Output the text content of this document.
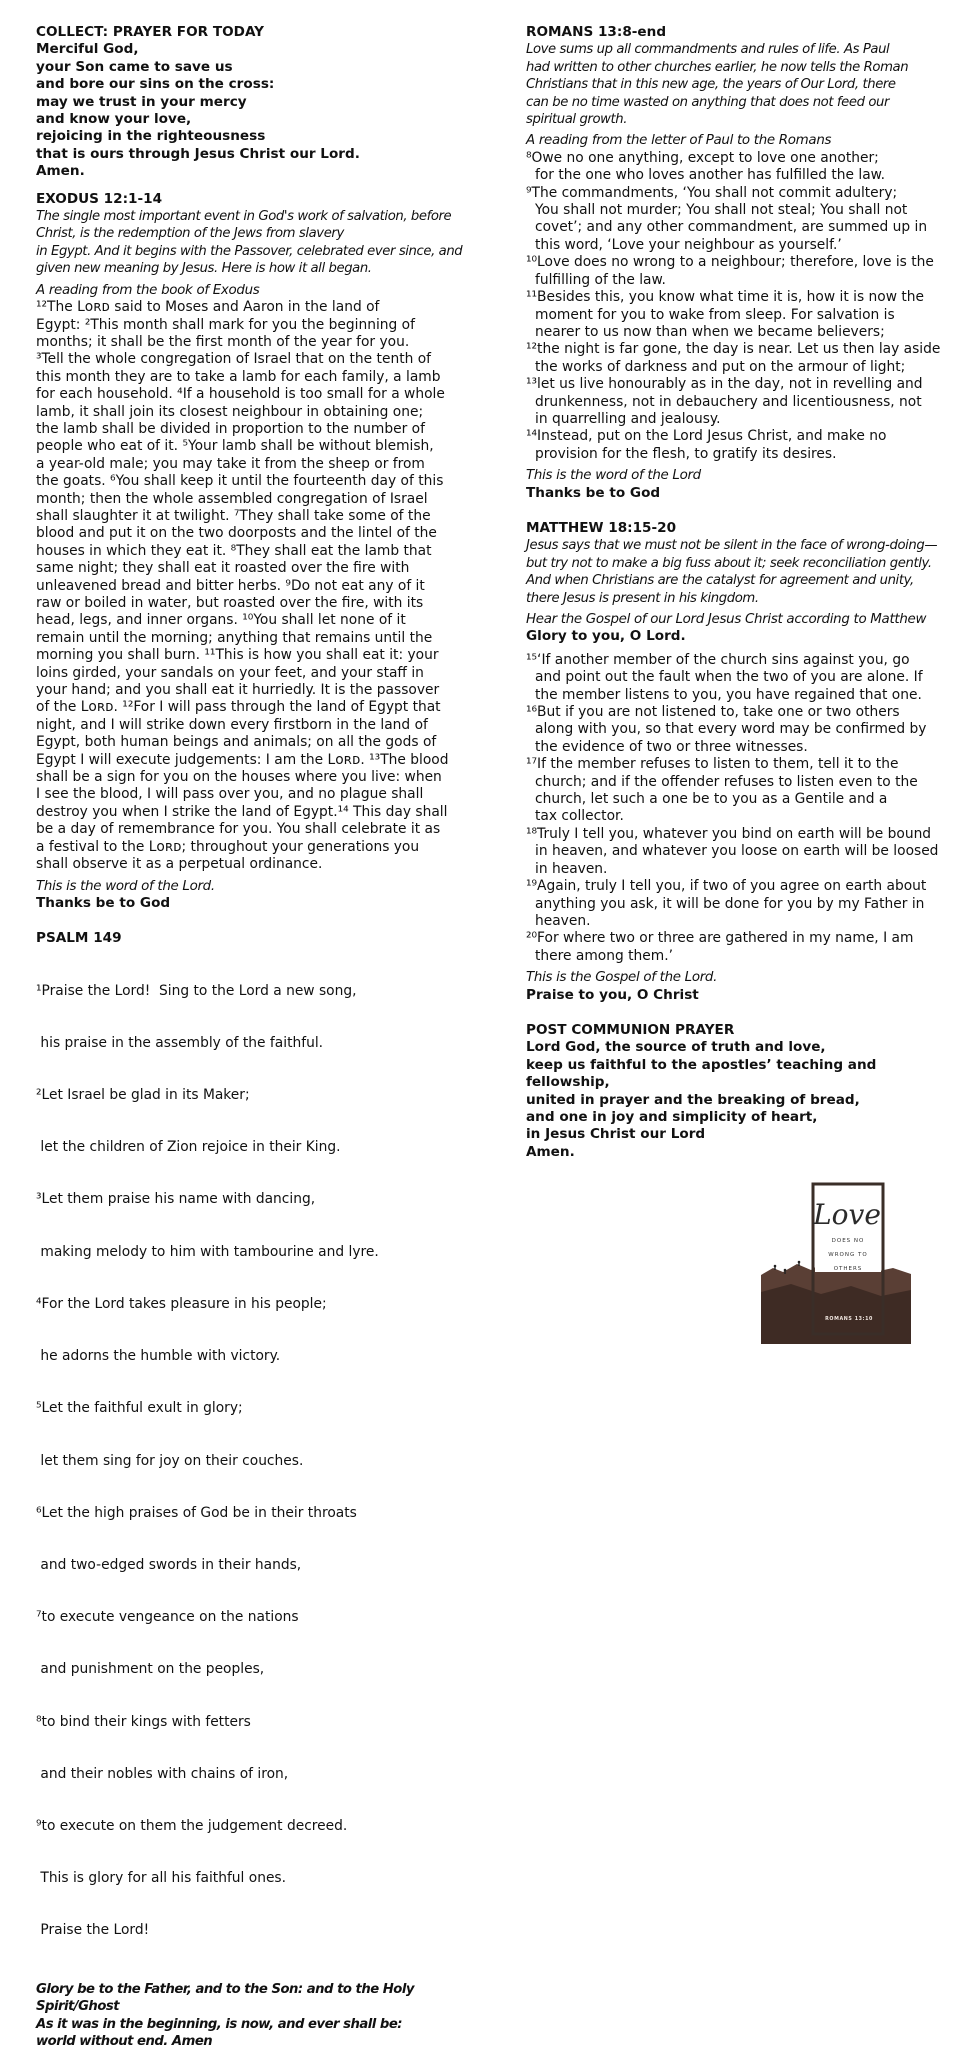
COLLECT: PRAYER FOR TODAY

Merciful God,

your Son came to save us

and bore our sins on the cross:

may we trust in your mercy

and know your love,

rejoicing in the righteousness

that is ours through Jesus Christ our Lord.

Amen.

EXODUS 12:1-14

The single most important event in God's work of salvation, before

Christ, is the redemption of the Jews from slavery

in Egypt. And it begins with the Passover, celebrated ever since, and

given new meaning by Jesus. Here is how it all began.

A reading from the book of Exodus

¹²The Lᴏʀᴅ said to Moses and Aaron in the land of

Egypt: ²This month shall mark for you the beginning of

months; it shall be the first month of the year for you.

³Tell the whole congregation of Israel that on the tenth of

this month they are to take a lamb for each family, a lamb

for each household. ⁴If a household is too small for a whole

lamb, it shall join its closest neighbour in obtaining one;

the lamb shall be divided in proportion to the number of

people who eat of it. ⁵Your lamb shall be without blemish,

a year-old male; you may take it from the sheep or from

the goats. ⁶You shall keep it until the fourteenth day of this

month; then the whole assembled congregation of Israel

shall slaughter it at twilight. ⁷They shall take some of the

blood and put it on the two doorposts and the lintel of the

houses in which they eat it. ⁸They shall eat the lamb that

same night; they shall eat it roasted over the fire with

unleavened bread and bitter herbs. ⁹Do not eat any of it

raw or boiled in water, but roasted over the fire, with its

head, legs, and inner organs. ¹⁰You shall let none of it

remain until the morning; anything that remains until the

morning you shall burn. ¹¹This is how you shall eat it: your

loins girded, your sandals on your feet, and your staff in

your hand; and you shall eat it hurriedly. It is the passover

of the Lᴏʀᴅ. ¹²For I will pass through the land of Egypt that

night, and I will strike down every firstborn in the land of

Egypt, both human beings and animals; on all the gods of

Egypt I will execute judgements: I am the Lᴏʀᴅ. ¹³The blood

shall be a sign for you on the houses where you live: when

I see the blood, I will pass over you, and no plague shall

destroy you when I strike the land of Egypt.¹⁴ This day shall

be a day of remembrance for you. You shall celebrate it as

a festival to the Lᴏʀᴅ; throughout your generations you

shall observe it as a perpetual ordinance.

This is the word of the Lord.
Thanks be to God
PSALM 149

¹Praise the Lord!  Sing to the Lord a new song,

his praise in the assembly of the faithful.

²Let Israel be glad in its Maker;

let the children of Zion rejoice in their King.

³Let them praise his name with dancing,

making melody to him with tambourine and lyre.

⁴For the Lord takes pleasure in his people;

he adorns the humble with victory.

⁵Let the faithful exult in glory;

let them sing for joy on their couches.

⁶Let the high praises of God be in their throats

and two-edged swords in their hands,

⁷to execute vengeance on the nations

and punishment on the peoples,

⁸to bind their kings with fetters

and their nobles with chains of iron,

⁹to execute on them the judgement decreed.

This is glory for all his faithful ones.

Praise the Lord!

Glory be to the Father, and to the Son: and to the Holy Spirit/Ghost

As it was in the beginning, is now, and ever shall be:

world without end. Amen

ROMANS 13:8-end

Love sums up all commandments and rules of life. As Paul

had written to other churches earlier, he now tells the Roman

Christians that in this new age, the years of Our Lord, there

can be no time wasted on anything that does not feed our

spiritual growth.

A reading from the letter of Paul to the Romans

⁸Owe no one anything, except to love one another;

for the one who loves another has fulfilled the law.

⁹The commandments, ‘You shall not commit adultery;

You shall not murder; You shall not steal; You shall not

covet’; and any other commandment, are summed up in

this word, ‘Love your neighbour as yourself.’

¹⁰Love does no wrong to a neighbour; therefore, love is the

fulfilling of the law.

¹¹Besides this, you know what time it is, how it is now the

moment for you to wake from sleep. For salvation is

nearer to us now than when we became believers;

¹²the night is far gone, the day is near. Let us then lay aside

the works of darkness and put on the armour of light;

¹³let us live honourably as in the day, not in revelling and

drunkenness, not in debauchery and licentiousness, not

in quarrelling and jealousy.

¹⁴Instead, put on the Lord Jesus Christ, and make no

provision for the flesh, to gratify its desires.

This is the word of the Lord
Thanks be to God
MATTHEW 18:15-20

Jesus says that we must not be silent in the face of wrong-doing—

but try not to make a big fuss about it; seek reconciliation gently.

And when Christians are the catalyst for agreement and unity,

there Jesus is present in his kingdom.

Hear the Gospel of our Lord Jesus Christ according to Matthew
Glory to you, O Lord.

¹⁵‘If another member of the church sins against you, go

and point out the fault when the two of you are alone. If

the member listens to you, you have regained that one.

¹⁶But if you are not listened to, take one or two others

along with you, so that every word may be confirmed by

the evidence of two or three witnesses.

¹⁷If the member refuses to listen to them, tell it to the

church; and if the offender refuses to listen even to the

church, let such a one be to you as a Gentile and a

tax collector.

¹⁸Truly I tell you, whatever you bind on earth will be bound

in heaven, and whatever you loose on earth will be loosed

in heaven.

¹⁹Again, truly I tell you, if two of you agree on earth about

anything you ask, it will be done for you by my Father in

heaven.

²⁰For where two or three are gathered in my name, I am

there among them.’

This is the Gospel of the Lord.
Praise to you, O Christ
POST COMMUNION PRAYER

Lord God, the source of truth and love,

keep us faithful to the apostles’ teaching and fellowship,

united in prayer and the breaking of bread,

and one in joy and simplicity of heart,

in Jesus Christ our Lord

Amen.

Love
DOES NO
WRONG TO
OTHERS
ROMANS 13:10
